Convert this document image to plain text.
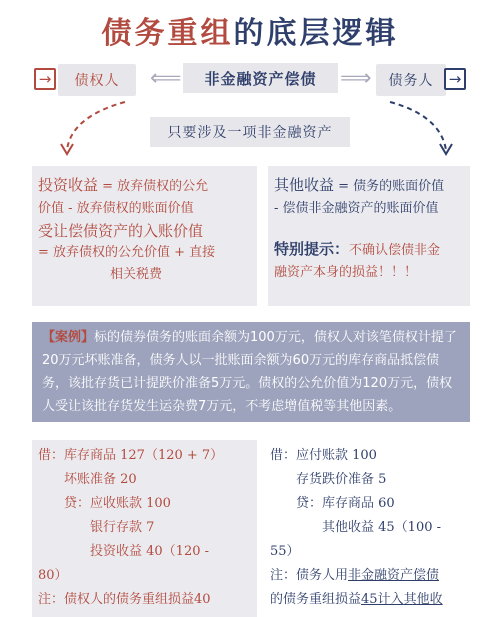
债务重组的底层逻辑
→	债权人	⟸	非金融资产偿债	⟹	债务人	→
只要涉及一项非金融资产
投资收益 = 放弃债权的公允
价值 - 放弃债权的账面价值
受让偿债资产的入账价值
= 放弃债权的公允价值 + 直接
相关税费
其他收益 = 债务的账面价值
- 偿债非金融资产的账面价值
特别提示：不确认偿债非金
融资产本身的损益！！！
【案例】标的债券债务的账面余额为100万元，债权人对该笔债权计提了20万元坏账准备，债务人以一批账面余额为60万元的库存商品抵偿债务，该批存货已计提跌价准备5万元。债权的公允价值为120万元，债权人受让该批存货发生运杂费7万元，不考虑增值税等其他因素。
借：库存商品 127（120 + 7）
坏账准备 20
贷：应收账款 100
银行存款 7
投资收益 40（120 -
80）
注：债权人的债务重组损益40
借：应付账款 100
存货跌价准备 5
贷：库存商品 60
其他收益 45（100 -
55）
注：债务人用非金融资产偿债
的债务重组损益45计入其他收
